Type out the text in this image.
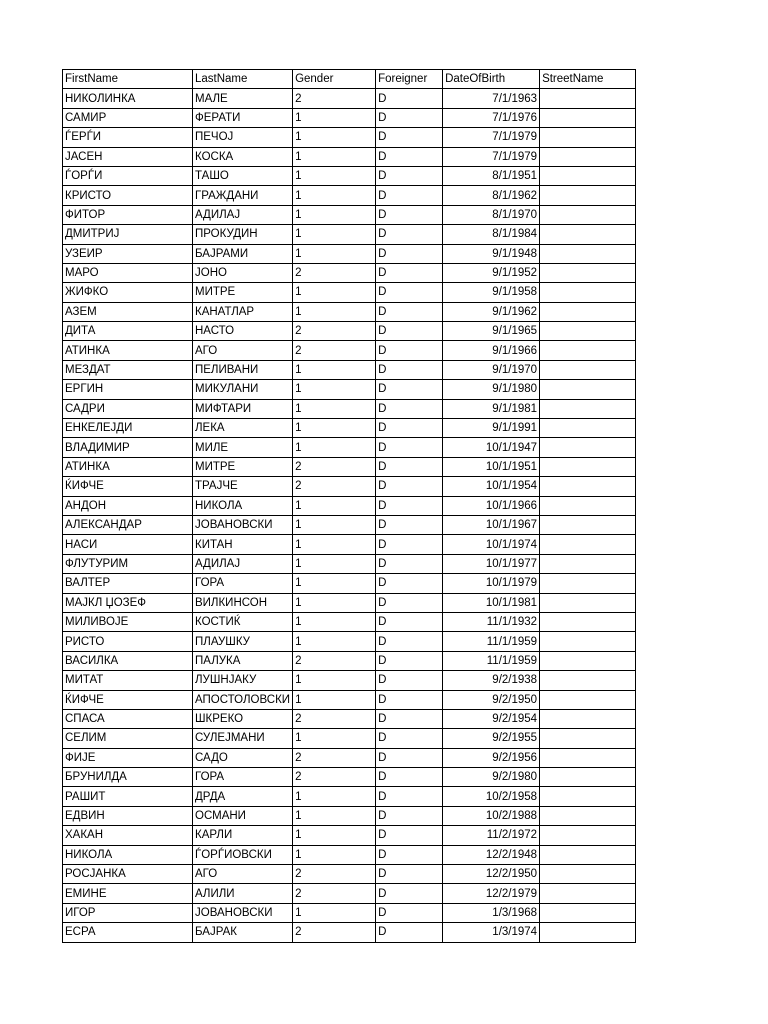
FirstName	LastName	Gender	Foreigner	DateOfBirth	StreetName
НИКОЛИНКА	МАЛЕ	2	D	7/1/1963	
САМИР	ФЕРАТИ	1	D	7/1/1976	
ЃЕРЃИ	ПЕЧОЈ	1	D	7/1/1979	
ЈАСЕН	КОСКА	1	D	7/1/1979	
ЃОРЃИ	ТАШО	1	D	8/1/1951	
КРИСТО	ГРАЖДАНИ	1	D	8/1/1962	
ФИТОР	АДИЛАЈ	1	D	8/1/1970	
ДМИТРИЈ	ПРОКУДИН	1	D	8/1/1984	
УЗЕИР	БАЈРАМИ	1	D	9/1/1948	
МАРО	ЈОНО	2	D	9/1/1952	
ЖИФКО	МИТРЕ	1	D	9/1/1958	
АЗЕМ	КАНАТЛАР	1	D	9/1/1962	
ДИТА	НАСТО	2	D	9/1/1965	
АТИНКА	АГО	2	D	9/1/1966	
МЕЗДАТ	ПЕЛИВАНИ	1	D	9/1/1970	
ЕРГИН	МИКУЛАНИ	1	D	9/1/1980	
САДРИ	МИФТАРИ	1	D	9/1/1981	
ЕНКЕЛЕЈДИ	ЛЕКА	1	D	9/1/1991	
ВЛАДИМИР	МИЛЕ	1	D	10/1/1947	
АТИНКА	МИТРЕ	2	D	10/1/1951	
ЌИФЧЕ	ТРАЈЧЕ	2	D	10/1/1954	
АНДОН	НИКОЛА	1	D	10/1/1966	
АЛЕКСАНДАР	ЈОВАНОВСКИ	1	D	10/1/1967	
НАСИ	КИТАН	1	D	10/1/1974	
ФЛУТУРИМ	АДИЛАЈ	1	D	10/1/1977	
ВАЛТЕР	ГОРА	1	D	10/1/1979	
МАЈКЛ ЏОЗЕФ	ВИЛКИНСОН	1	D	10/1/1981	
МИЛИВОЈЕ	КОСТИЌ	1	D	11/1/1932	
РИСТО	ПЛАУШКУ	1	D	11/1/1959	
ВАСИЛКА	ПАЛУКА	2	D	11/1/1959	
МИТАТ	ЛУШНЈАКУ	1	D	9/2/1938	
ЌИФЧЕ	АПОСТОЛОВСКИ	1	D	9/2/1950	
СПАСА	ШКРЕКО	2	D	9/2/1954	
СЕЛИМ	СУЛЕЈМАНИ	1	D	9/2/1955	
ФИЈЕ	САДО	2	D	9/2/1956	
БРУНИЛДА	ГОРА	2	D	9/2/1980	
РАШИТ	ДРДА	1	D	10/2/1958	
ЕДВИН	ОСМАНИ	1	D	10/2/1988	
ХАКАН	КАРЛИ	1	D	11/2/1972	
НИКОЛА	ЃОРЃИОВСКИ	1	D	12/2/1948	
РОСЈАНКА	АГО	2	D	12/2/1950	
ЕМИНЕ	АЛИЛИ	2	D	12/2/1979	
ИГОР	ЈОВАНОВСКИ	1	D	1/3/1968	
ЕСРА	БАЈРАК	2	D	1/3/1974	
